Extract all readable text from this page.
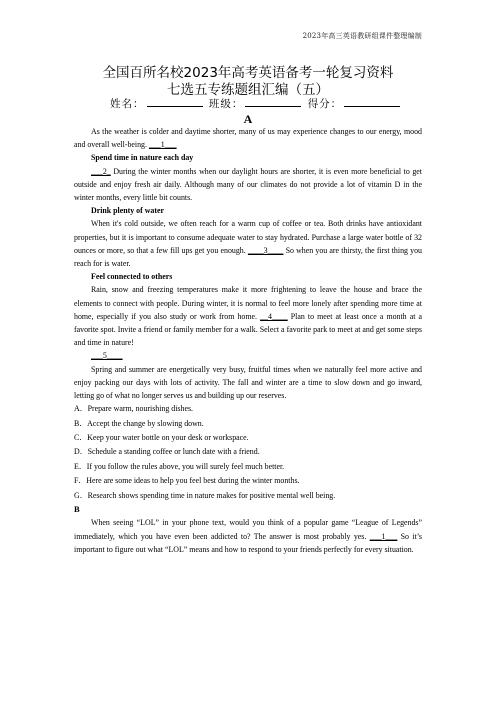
2023年高三英语教研组课件整理编制
全国百所名校2023年高考英语备考一轮复习资料
七选五专练题组汇编（五）
姓名：	班级：	得分：
A

As the weather is colder and daytime shorter, many of us may experience changes to our energy, mood and overall well-being. ___1___

Spend time in nature each day

___2_ During the winter months when our daylight hours are shorter, it is even more beneficial to get outside and enjoy fresh air daily. Although many of our climates do not provide a lot of vitamin D in the winter months, every little bit counts.

Drink plenty of water

When it's cold outside, we often reach for a warm cup of coffee or tea. Both drinks have antioxidant properties, but it is important to consume adequate water to stay hydrated. Purchase a large water bottle of 32 ounces or more, so that a few fill ups get you enough. ____3____ So when you are thirsty, the first thing you reach for is water.

Feel connected to others

Rain, snow and freezing temperatures make it more frightening to leave the house and brace the elements to connect with people. During winter, it is normal to feel more lonely after spending more time at home, especially if you also study or work from home. __4____ Plan to meet at least once a month at a favorite spot. Invite a friend or family member for a walk. Select a favorite park to meet at and get some steps and time in nature!

___5____

Spring and summer are energetically very busy, fruitful times when we naturally feel more active and enjoy packing our days with lots of activity. The fall and winter are a time to slow down and go inward, letting go of what no longer serves us and building up our reserves.

A．Prepare warm, nourishing dishes.
B．Accept the change by slowing down.
C．Keep your water bottle on your desk or workspace.
D．Schedule a standing coffee or lunch date with a friend.
E．If you follow the rules above, you will surely feel much better.
F．Here are some ideas to help you feel best during the winter months.
G．Research shows spending time in nature makes for positive mental well being.

B

When seeing “LOL” in your phone text, would you think of a popular game “League of Legends” immediately, which you have even been addicted to? The answer is most probably yes. ___1___ So it’s important to figure out what “LOL” means and how to respond to your friends perfectly for every situation.
